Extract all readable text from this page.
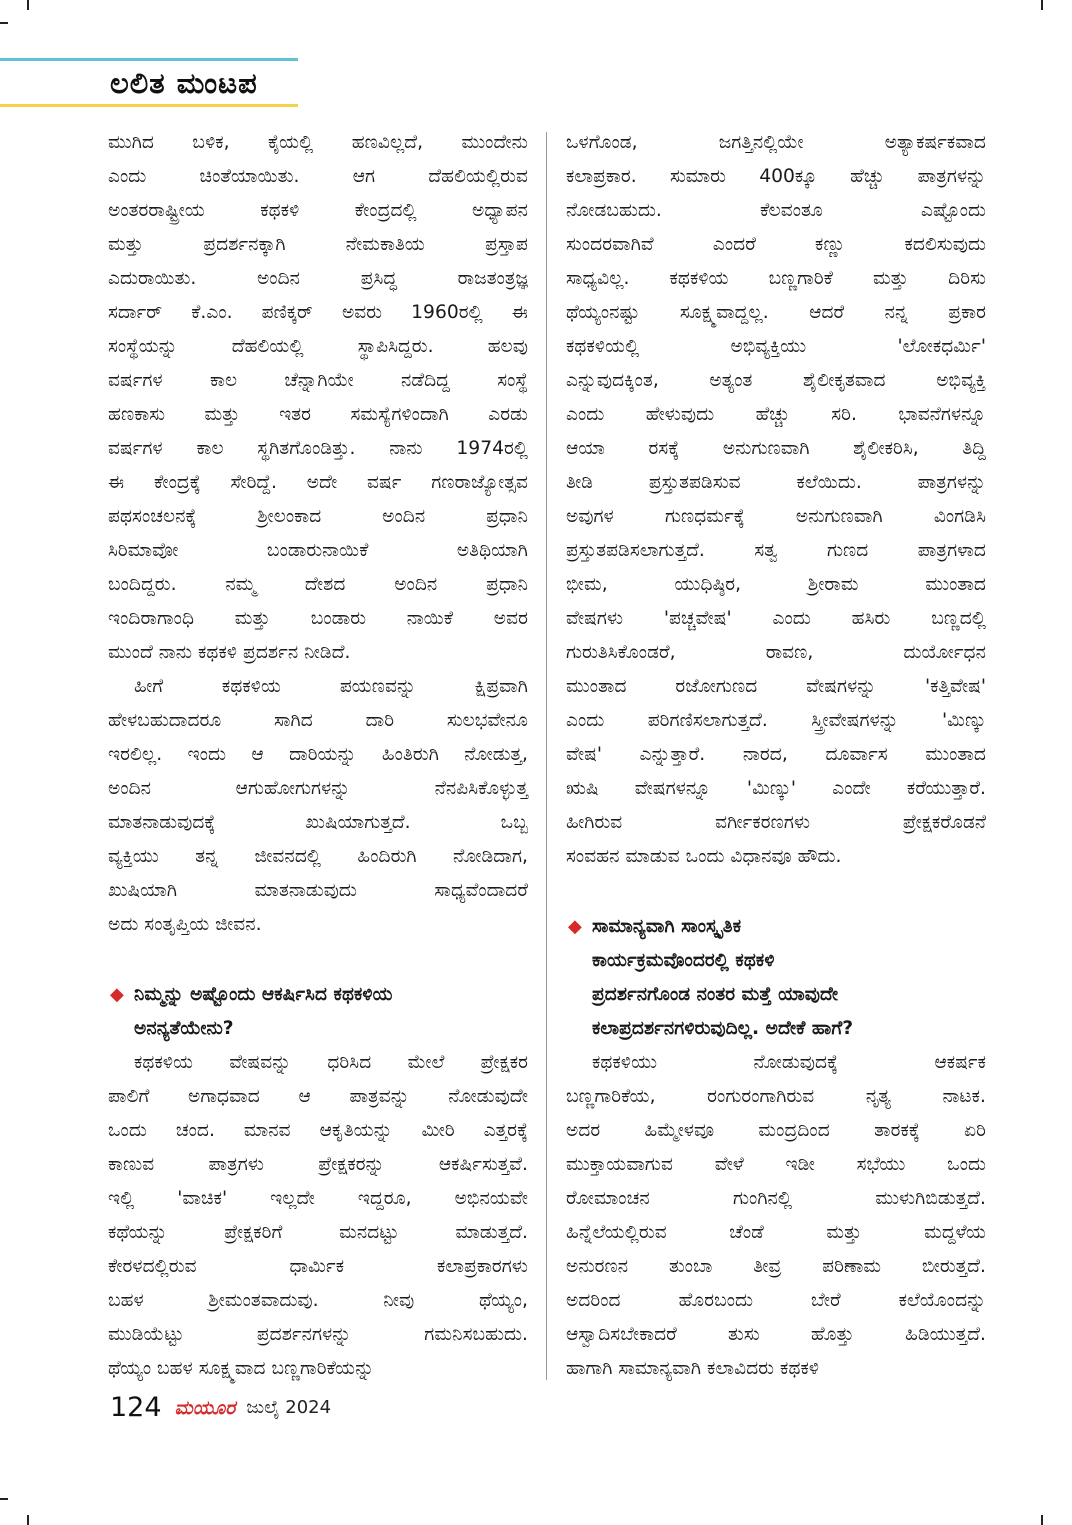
ಲಲಿತ ಮಂಟಪ

ಮುಗಿದ ಬಳಿಕ, ಕೈಯಲ್ಲಿ ಹಣವಿಲ್ಲದೆ, ಮುಂದೇನು

ಎಂದು ಚಿಂತೆಯಾಯಿತು. ಆಗ ದೆಹಲಿಯಲ್ಲಿರುವ

ಅಂತರರಾಷ್ಟ್ರೀಯ ಕಥಕಳಿ ಕೇಂದ್ರದಲ್ಲಿ ಅಧ್ಯಾಪನ

ಮತ್ತು ಪ್ರದರ್ಶನಕ್ಕಾಗಿ ನೇಮಕಾತಿಯ ಪ್ರಸ್ತಾಪ

ಎದುರಾಯಿತು. ಅಂದಿನ ಪ್ರಸಿದ್ಧ ರಾಜತಂತ್ರಜ್ಞ

ಸರ್ದಾರ್ ಕೆ.ಎಂ. ಪಣಿಕ್ಕರ್ ಅವರು 1960ರಲ್ಲಿ ಈ

ಸಂಸ್ಥೆಯನ್ನು ದೆಹಲಿಯಲ್ಲಿ ಸ್ಥಾಪಿಸಿದ್ದರು. ಹಲವು

ವರ್ಷಗಳ ಕಾಲ ಚೆನ್ನಾಗಿಯೇ ನಡೆದಿದ್ದ ಸಂಸ್ಥೆ

ಹಣಕಾಸು ಮತ್ತು ಇತರ ಸಮಸ್ಯೆಗಳಿಂದಾಗಿ ಎರಡು

ವರ್ಷಗಳ ಕಾಲ ಸ್ಥಗಿತಗೊಂಡಿತ್ತು. ನಾನು 1974ರಲ್ಲಿ

ಈ ಕೇಂದ್ರಕ್ಕೆ ಸೇರಿದ್ದೆ. ಅದೇ ವರ್ಷ ಗಣರಾಜ್ಯೋತ್ಸವ

ಪಥಸಂಚಲನಕ್ಕೆ ಶ್ರೀಲಂಕಾದ ಅಂದಿನ ಪ್ರಧಾನಿ

ಸಿರಿಮಾವೋ ಬಂಡಾರುನಾಯಿಕೆ ಅತಿಥಿಯಾಗಿ

ಬಂದಿದ್ದರು. ನಮ್ಮ ದೇಶದ ಅಂದಿನ ಪ್ರಧಾನಿ

ಇಂದಿರಾಗಾಂಧಿ ಮತ್ತು ಬಂಡಾರು ನಾಯಿಕೆ ಅವರ

ಮುಂದೆ ನಾನು ಕಥಕಳಿ ಪ್ರದರ್ಶನ ನೀಡಿದೆ.

ಹೀಗೆ ಕಥಕಳಿಯ ಪಯಣವನ್ನು ಕ್ಷಿಪ್ರವಾಗಿ

ಹೇಳಬಹುದಾದರೂ ಸಾಗಿದ ದಾರಿ ಸುಲಭವೇನೂ

ಇರಲಿಲ್ಲ. ಇಂದು ಆ ದಾರಿಯನ್ನು ಹಿಂತಿರುಗಿ ನೋಡುತ್ತ,

ಅಂದಿನ ಆಗುಹೋಗುಗಳನ್ನು ನೆನಪಿಸಿಕೊಳ್ಳುತ್ತ

ಮಾತನಾಡುವುದಕ್ಕೆ ಖುಷಿಯಾಗುತ್ತದೆ. ಒಬ್ಬ

ವ್ಯಕ್ತಿಯು ತನ್ನ ಜೀವನದಲ್ಲಿ ಹಿಂದಿರುಗಿ ನೋಡಿದಾಗ,

ಖುಷಿಯಾಗಿ ಮಾತನಾಡುವುದು ಸಾಧ್ಯವೆಂದಾದರೆ

ಅದು ಸಂತೃಪ್ತಿಯ ಜೀವನ.

◆ ನಿಮ್ಮನ್ನು ಅಷ್ಟೊಂದು ಆಕರ್ಷಿಸಿದ ಕಥಕಳಿಯ
ಅನನ್ಯತೆಯೇನು?

ಕಥಕಳಿಯ ವೇಷವನ್ನು ಧರಿಸಿದ ಮೇಲೆ ಪ್ರೇಕ್ಷಕರ

ಪಾಲಿಗೆ ಅಗಾಧವಾದ ಆ ಪಾತ್ರವನ್ನು ನೋಡುವುದೇ

ಒಂದು ಚಂದ. ಮಾನವ ಆಕೃತಿಯನ್ನು ಮೀರಿ ಎತ್ತರಕ್ಕೆ

ಕಾಣುವ ಪಾತ್ರಗಳು ಪ್ರೇಕ್ಷಕರನ್ನು ಆಕರ್ಷಿಸುತ್ತವೆ.

ಇಲ್ಲಿ 'ವಾಚಿಕ' ಇಲ್ಲದೇ ಇದ್ದರೂ, ಅಭಿನಯವೇ

ಕಥೆಯನ್ನು ಪ್ರೇಕ್ಷಕರಿಗೆ ಮನದಟ್ಟು ಮಾಡುತ್ತದೆ.

ಕೇರಳದಲ್ಲಿರುವ ಧಾರ್ಮಿಕ ಕಲಾಪ್ರಕಾರಗಳು

ಬಹಳ ಶ್ರೀಮಂತವಾದುವು. ನೀವು ಥೆಯ್ಯಂ,

ಮುಡಿಯೆಟ್ಟು ಪ್ರದರ್ಶನಗಳನ್ನು ಗಮನಿಸಬಹುದು.

ಥೆಯ್ಯಂ ಬಹಳ ಸೂಕ್ಷ್ಮವಾದ ಬಣ್ಣಗಾರಿಕೆಯನ್ನು

ಒಳಗೊಂಡ, ಜಗತ್ತಿನಲ್ಲಿಯೇ ಅತ್ಯಾಕರ್ಷಕವಾದ

ಕಲಾಪ್ರಕಾರ. ಸುಮಾರು 400ಕ್ಕೂ ಹೆಚ್ಚು ಪಾತ್ರಗಳನ್ನು

ನೋಡಬಹುದು. ಕೆಲವಂತೂ ಎಷ್ಟೊಂದು

ಸುಂದರವಾಗಿವೆ ಎಂದರೆ ಕಣ್ಣು ಕದಲಿಸುವುದು

ಸಾಧ್ಯವಿಲ್ಲ. ಕಥಕಳಿಯ ಬಣ್ಣಗಾರಿಕೆ ಮತ್ತು ದಿರಿಸು

ಥೆಯ್ಯಂನಷ್ಟು ಸೂಕ್ಷ್ಮವಾದ್ದಲ್ಲ. ಆದರೆ ನನ್ನ ಪ್ರಕಾರ

ಕಥಕಳಿಯಲ್ಲಿ ಅಭಿವ್ಯಕ್ತಿಯು 'ಲೋಕಧರ್ಮಿ'

ಎನ್ನುವುದಕ್ಕಿಂತ, ಅತ್ಯಂತ ಶೈಲೀಕೃತವಾದ ಅಭಿವ್ಯಕ್ತಿ

ಎಂದು ಹೇಳುವುದು ಹೆಚ್ಚು ಸರಿ. ಭಾವನೆಗಳನ್ನೂ

ಆಯಾ ರಸಕ್ಕೆ ಅನುಗುಣವಾಗಿ ಶೈಲೀಕರಿಸಿ, ತಿದ್ದಿ

ತೀಡಿ ಪ್ರಸ್ತುತಪಡಿಸುವ ಕಲೆಯಿದು. ಪಾತ್ರಗಳನ್ನು

ಅವುಗಳ ಗುಣಧರ್ಮಕ್ಕೆ ಅನುಗುಣವಾಗಿ ವಿಂಗಡಿಸಿ

ಪ್ರಸ್ತುತಪಡಿಸಲಾಗುತ್ತದೆ. ಸತ್ವ ಗುಣದ ಪಾತ್ರಗಳಾದ

ಭೀಮ, ಯುಧಿಷ್ಠಿರ, ಶ್ರೀರಾಮ ಮುಂತಾದ

ವೇಷಗಳು 'ಪಚ್ಚವೇಷ' ಎಂದು ಹಸಿರು ಬಣ್ಣದಲ್ಲಿ

ಗುರುತಿಸಿಕೊಂಡರೆ, ರಾವಣ, ದುರ್ಯೋಧನ

ಮುಂತಾದ ರಜೋಗುಣದ ವೇಷಗಳನ್ನು 'ಕತ್ತಿವೇಷ'

ಎಂದು ಪರಿಗಣಿಸಲಾಗುತ್ತದೆ. ಸ್ತ್ರೀವೇಷಗಳನ್ನು 'ಮಿಣ್ಕು

ವೇಷ' ಎನ್ನುತ್ತಾರೆ. ನಾರದ, ದೂರ್ವಾಸ ಮುಂತಾದ

ಋಷಿ ವೇಷಗಳನ್ನೂ 'ಮಿಣ್ಕು' ಎಂದೇ ಕರೆಯುತ್ತಾರೆ.

ಹೀಗಿರುವ ವರ್ಗೀಕರಣಗಳು ಪ್ರೇಕ್ಷಕರೊಡನೆ

ಸಂವಹನ ಮಾಡುವ ಒಂದು ವಿಧಾನವೂ ಹೌದು.

◆ ಸಾಮಾನ್ಯವಾಗಿ ಸಾಂಸ್ಕೃತಿಕ
ಕಾರ್ಯಕ್ರಮವೊಂದರಲ್ಲಿ ಕಥಕಳಿ
ಪ್ರದರ್ಶನಗೊಂಡ ನಂತರ ಮತ್ತೆ ಯಾವುದೇ
ಕಲಾಪ್ರದರ್ಶನಗಳಿರುವುದಿಲ್ಲ. ಅದೇಕೆ ಹಾಗೆ?

ಕಥಕಳಿಯು ನೋಡುವುದಕ್ಕೆ ಆಕರ್ಷಕ

ಬಣ್ಣಗಾರಿಕೆಯ, ರಂಗುರಂಗಾಗಿರುವ ನೃತ್ಯ ನಾಟಕ.

ಅದರ ಹಿಮ್ಮೇಳವೂ ಮಂದ್ರದಿಂದ ತಾರಕಕ್ಕೆ ಏರಿ

ಮುಕ್ತಾಯವಾಗುವ ವೇಳೆ ಇಡೀ ಸಭೆಯು ಒಂದು

ರೋಮಾಂಚನ ಗುಂಗಿನಲ್ಲಿ ಮುಳುಗಿಬಿಡುತ್ತದೆ.

ಹಿನ್ನೆಲೆಯಲ್ಲಿರುವ ಚೆಂಡೆ ಮತ್ತು ಮದ್ದಳೆಯ

ಅನುರಣನ ತುಂಬಾ ತೀವ್ರ ಪರಿಣಾಮ ಬೀರುತ್ತದೆ.

ಅದರಿಂದ ಹೊರಬಂದು ಬೇರೆ ಕಲೆಯೊಂದನ್ನು

ಆಸ್ವಾದಿಸಬೇಕಾದರೆ ತುಸು ಹೊತ್ತು ಹಿಡಿಯುತ್ತದೆ.

ಹಾಗಾಗಿ ಸಾಮಾನ್ಯವಾಗಿ ಕಲಾವಿದರು ಕಥಕಳಿ

124 ಮಯೂರ ಜುಲೈ 2024
